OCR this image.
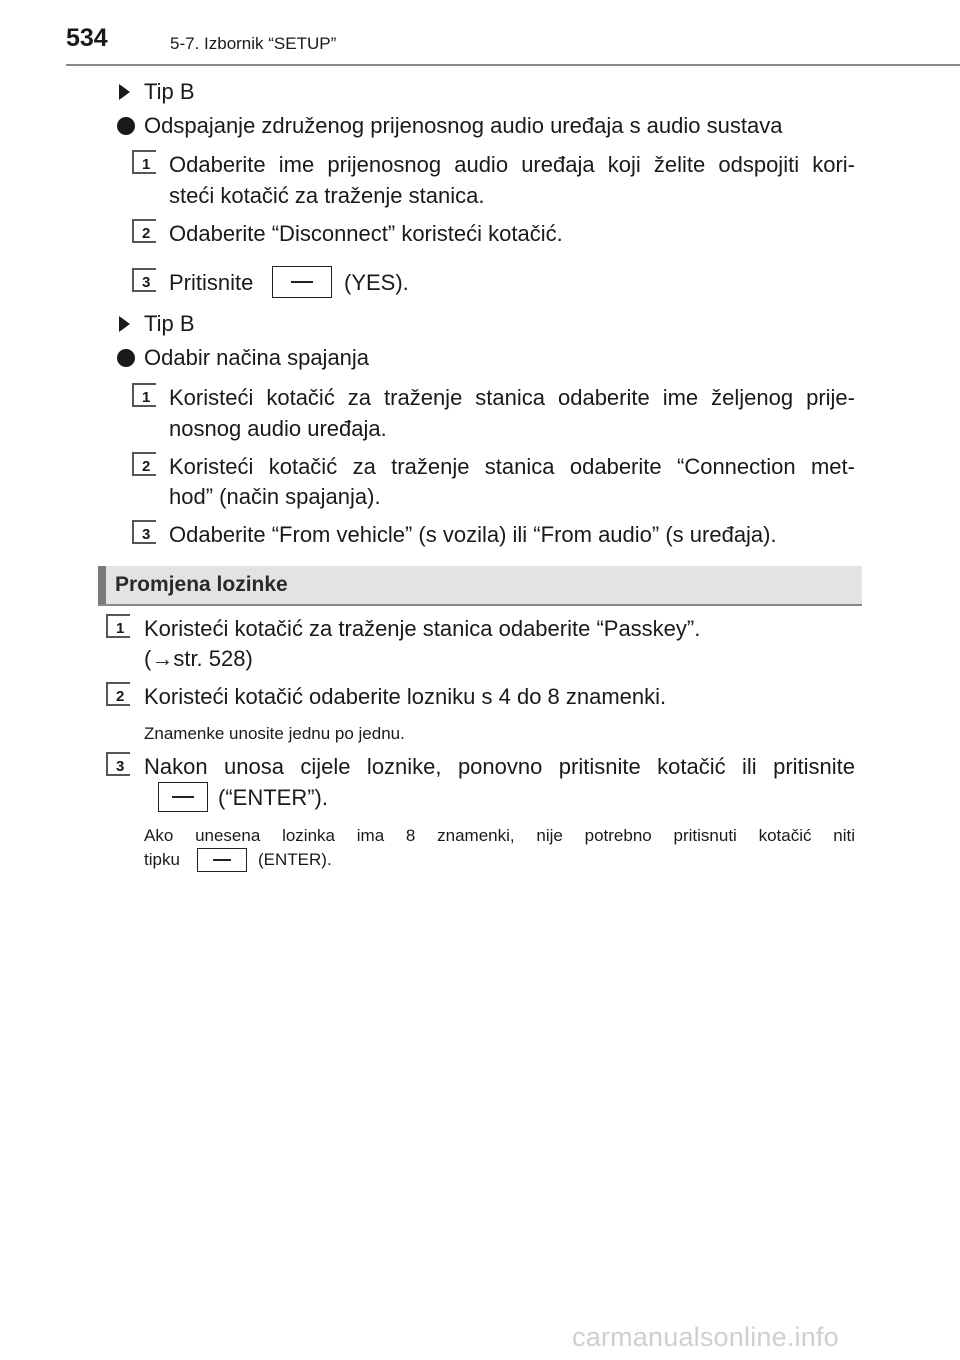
534	5-7. Izbornik “SETUP”
Tip B
Odspajanje združenog prijenosnog audio uređaja s audio sustava
1 Odaberite ime prijenosnog audio uređaja koji želite odspojiti kori-
steći kotačić za traženje stanica.
2 Odaberite “Disconnect” koristeći kotačić.
3 Pritisnite	(YES).
Tip B
Odabir načina spajanja
1 Koristeći kotačić za traženje stanica odaberite ime željenog prije-
nosnog audio uređaja.
2 Koristeći kotačić za traženje stanica odaberite “Connection met-
hod” (način spajanja).
3 Odaberite “From vehicle” (s vozila) ili “From audio” (s uređaja).
Promjena lozinke
1 Koristeći kotačić za traženje stanica odaberite “Passkey”.
(→str. 528)
2 Koristeći kotačić odaberite lozniku s 4 do 8 znamenki.
Znamenke unosite jednu po jednu.
3 Nakon unosa cijele loznike, ponovno pritisnite kotačić ili pritisnite
(“ENTER”).
Ako unesena lozinka ima 8 znamenki, nije potrebno pritisnuti kotačić niti
tipku	(ENTER).
carmanualsonline.info
